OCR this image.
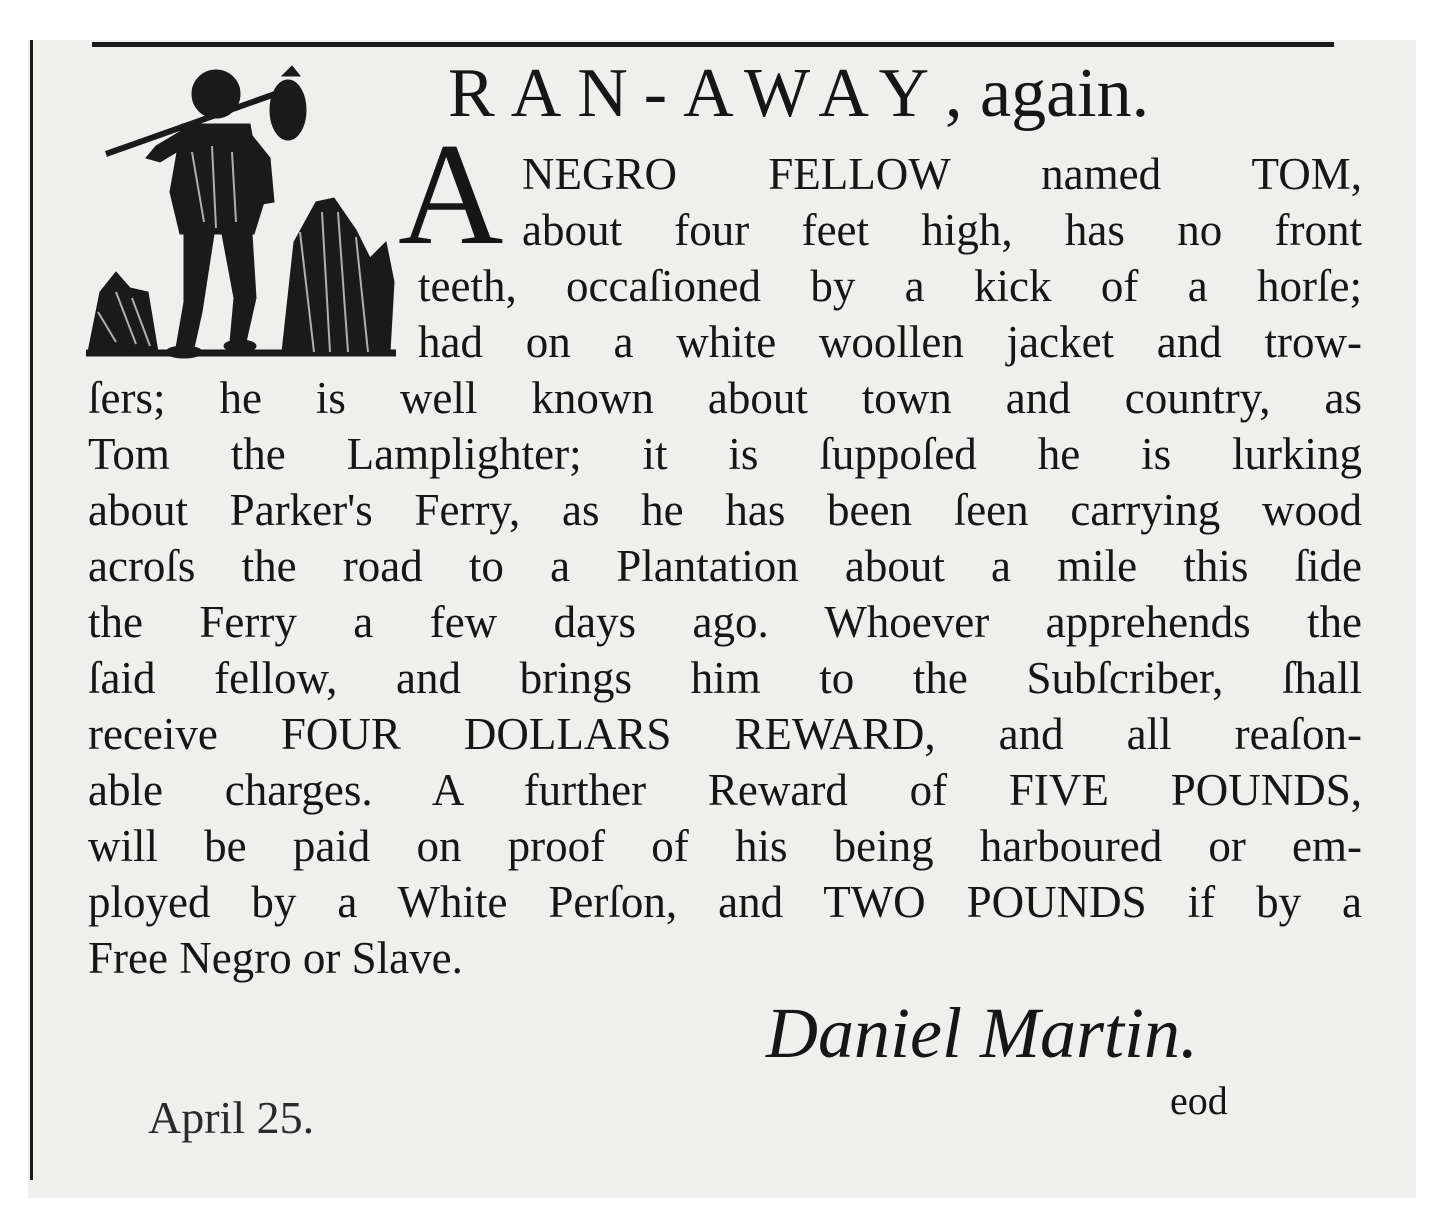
RAN-AWAY, again.
A NEGRO FELLOW named TOM,
about four feet high, has no front
teeth, occaſioned by a kick of a horſe;
had on a white woollen jacket and trow-
ſers; he is well known about town and country, as
Tom the Lamplighter; it is ſuppoſed he is lurking
about Parker's Ferry, as he has been ſeen carrying wood
acroſs the road to a Plantation about a mile this ſide
the Ferry a few days ago. Whoever apprehends the
ſaid fellow, and brings him to the Subſcriber, ſhall
receive FOUR DOLLARS REWARD, and all reaſon-
able charges. A further Reward of FIVE POUNDS,
will be paid on proof of his being harboured or em-
ployed by a White Perſon, and TWO POUNDS if by a
Free Negro or Slave.
Daniel Martin.
April 25.	eod
